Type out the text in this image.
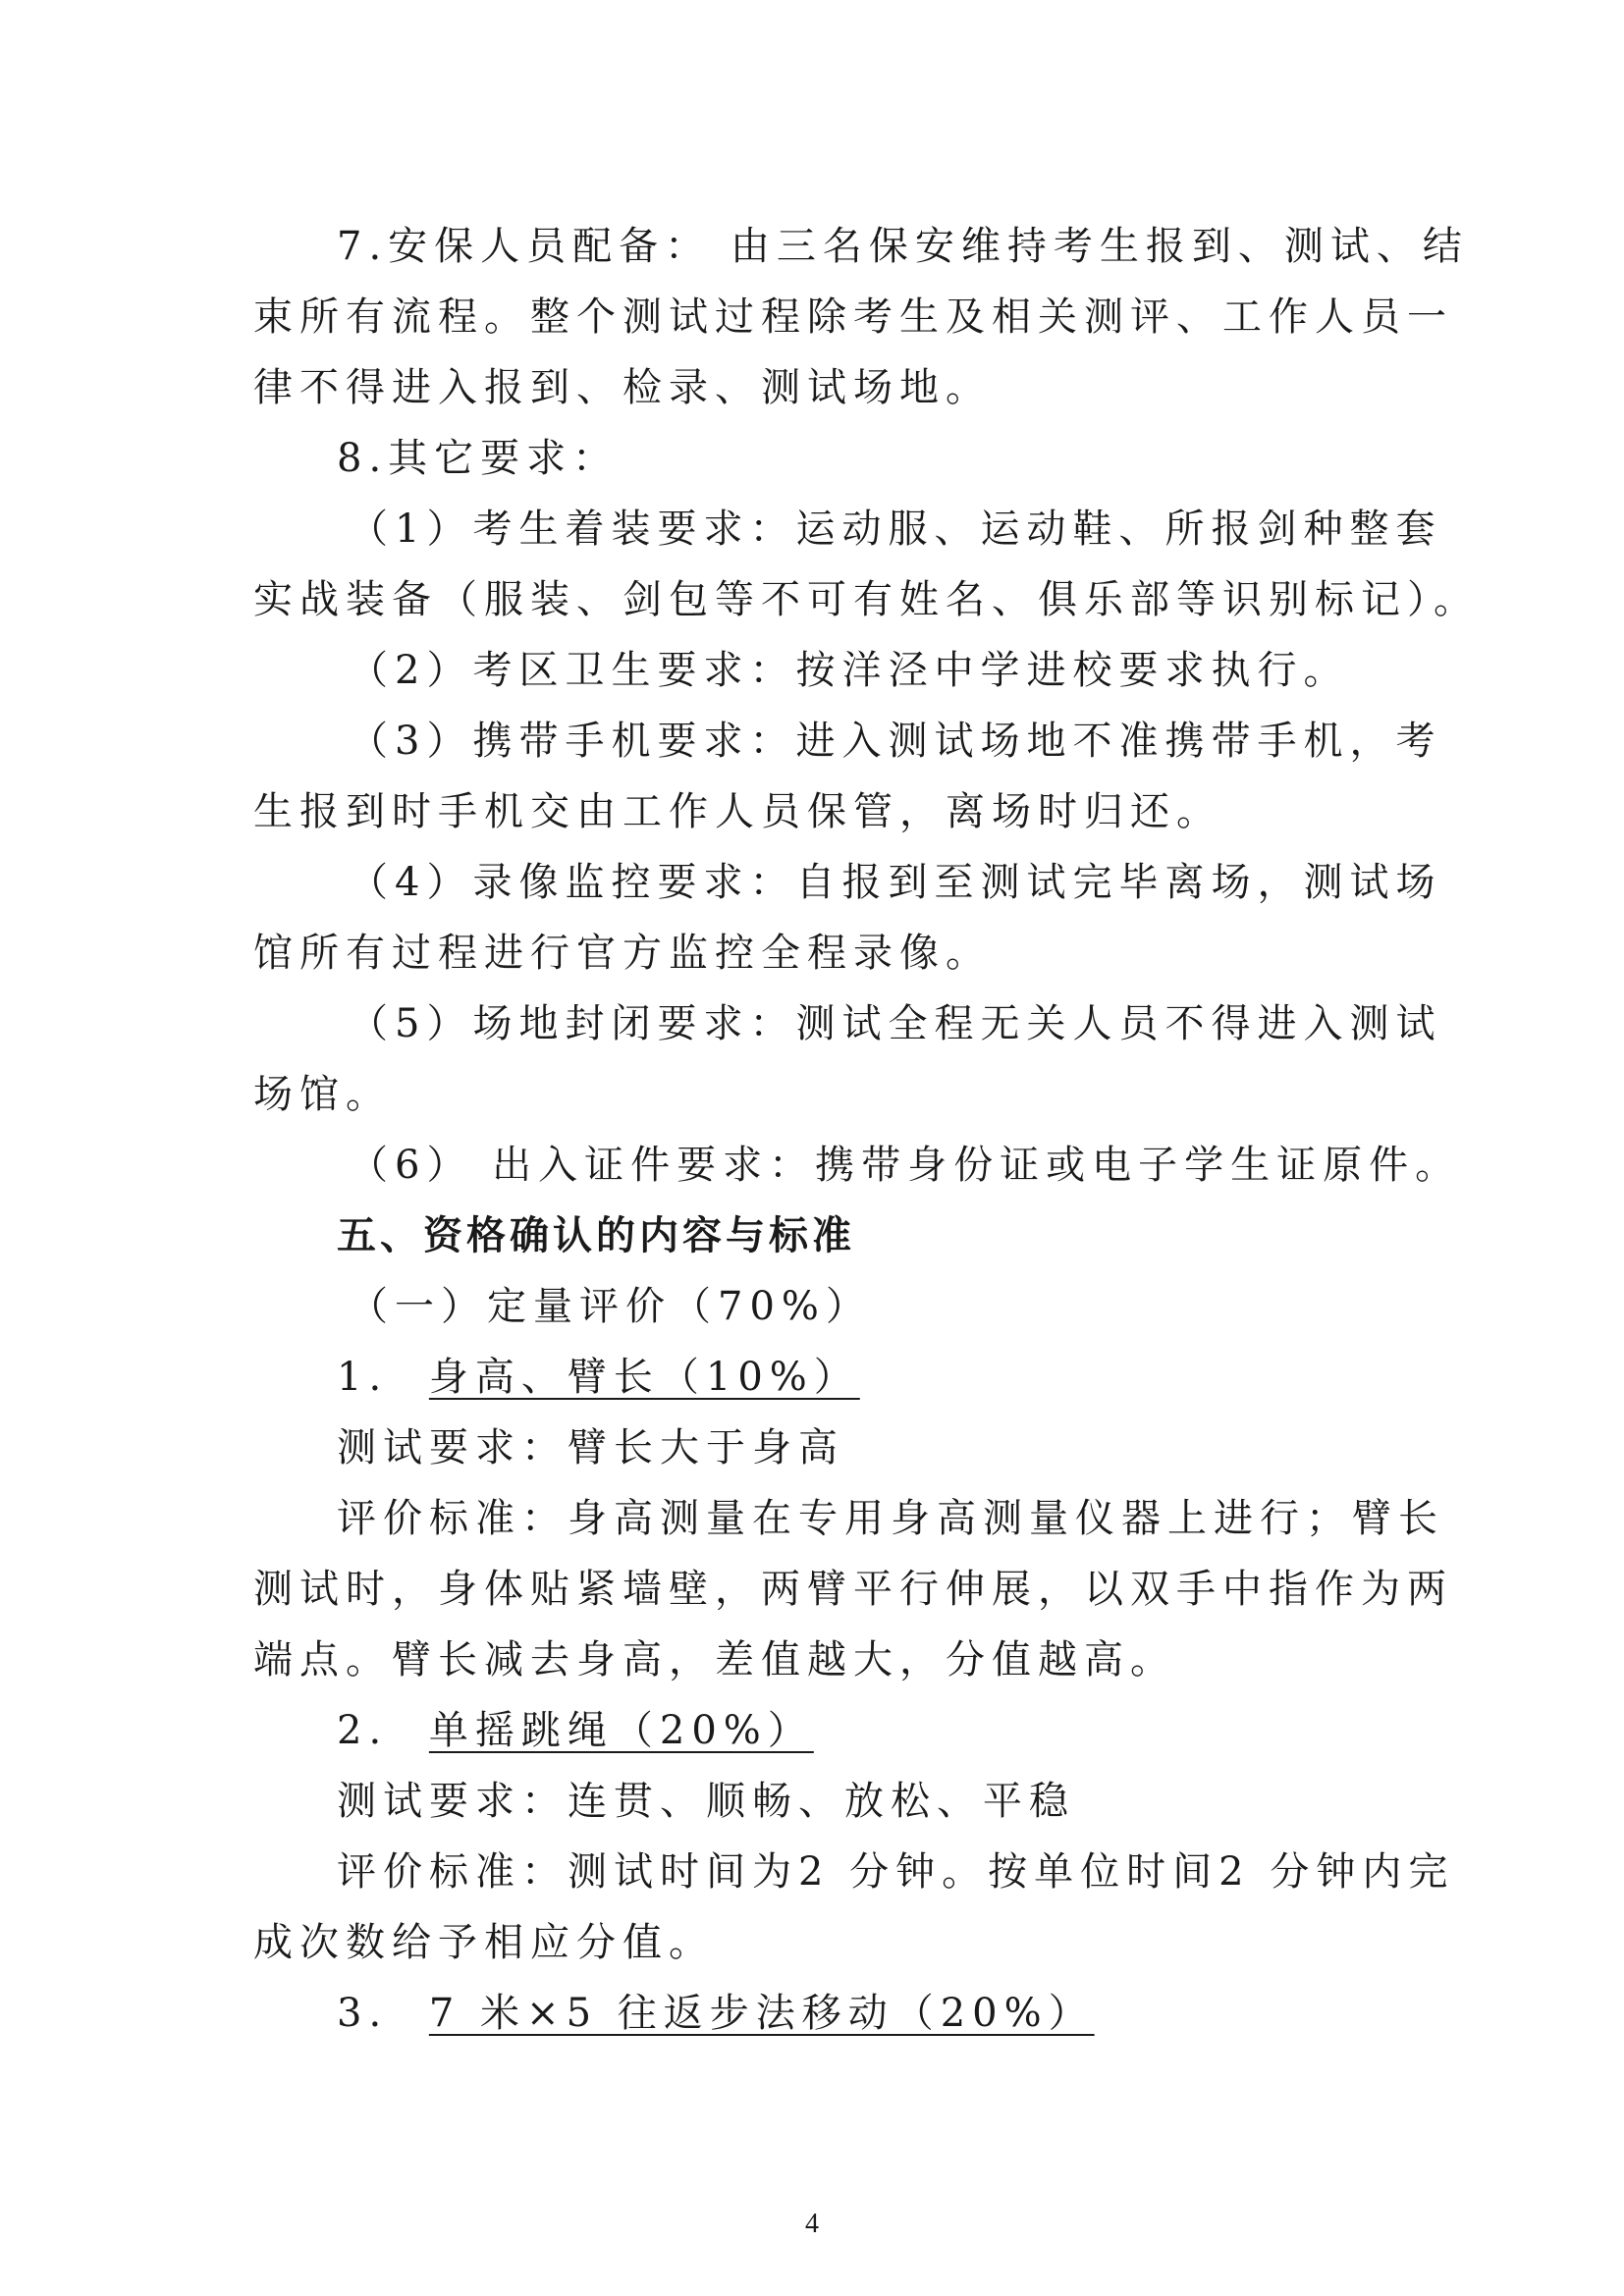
7.安保人员配备： 由三名保安维持考生报到、测试、结
束所有流程。整个测试过程除考生及相关测评、工作人员一
律不得进入报到、检录、测试场地。
8.其它要求：
（1）考生着装要求：运动服、运动鞋、所报剑种整套
实战装备（服装、剑包等不可有姓名、俱乐部等识别标记）。
（2）考区卫生要求：按洋泾中学进校要求执行。
（3）携带手机要求：进入测试场地不准携带手机，考
生报到时手机交由工作人员保管，离场时归还。
（4）录像监控要求：自报到至测试完毕离场，测试场
馆所有过程进行官方监控全程录像。
（5）场地封闭要求：测试全程无关人员不得进入测试
场馆。
（6） 出入证件要求：携带身份证或电子学生证原件。
五、资格确认的内容与标准
（一）定量评价（70%）
1. 身高、臂长（10%）
测试要求：臂长大于身高
评价标准：身高测量在专用身高测量仪器上进行；臂长
测试时，身体贴紧墙壁，两臂平行伸展，以双手中指作为两
端点。臂长减去身高，差值越大，分值越高。
2. 单摇跳绳（20%）
测试要求：连贯、顺畅、放松、平稳
评价标准：测试时间为2 分钟。按单位时间2 分钟内完
成次数给予相应分值。
3. 7 米×5 往返步法移动（20%）
4
